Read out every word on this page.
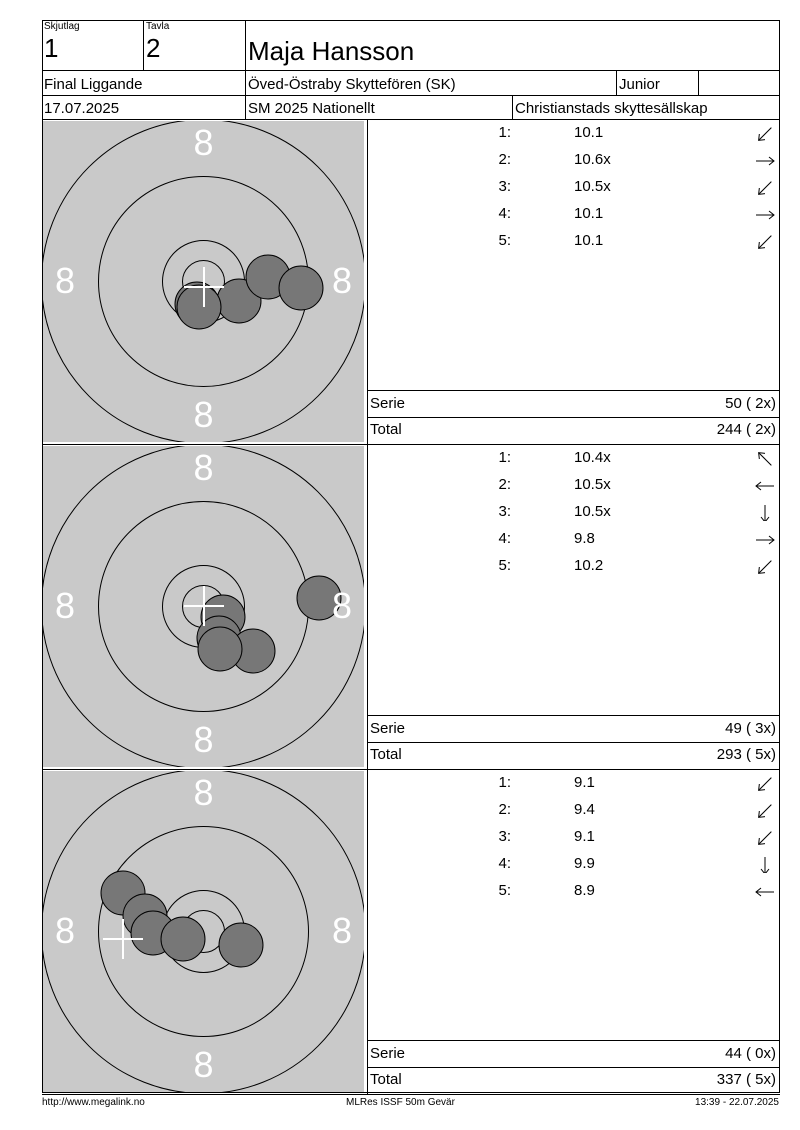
Skjutlag
1
Tavla
2	Maja Hansson
Final Liggande	Öved-Östraby Skyttefören (SK)	Junior
17.07.2025	SM 2025 Nationellt	Christianstads skyttesällskap
8
8
8	8
1:	10.1
2:	10.6x
3:	10.5x
4:	10.1
5:	10.1
Serie	50 ( 2x)
Total	244 ( 2x)
8
8
8	8
1:	10.4x
2:	10.5x
3:	10.5x
4:	9.8
5:	10.2
Serie	49 ( 3x)
Total	293 ( 5x)
8
8
8	8
1:	9.1
2:	9.4
3:	9.1
4:	9.9
5:	8.9
Serie	44 ( 0x)
Total	337 ( 5x)
http://www.megalink.no	MLRes ISSF 50m Gevär	13:39 - 22.07.2025
